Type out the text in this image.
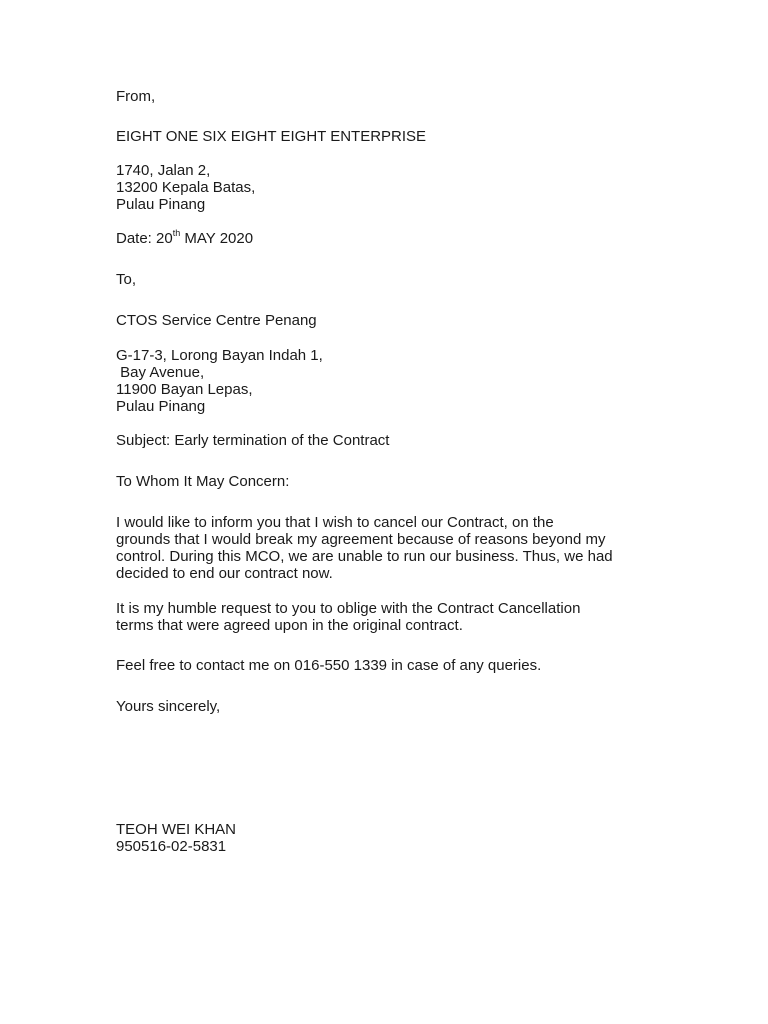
From,
EIGHT ONE SIX EIGHT EIGHT ENTERPRISE
1740, Jalan 2,
13200 Kepala Batas,
Pulau Pinang
Date: 20th MAY 2020
To,
CTOS Service Centre Penang
G-17-3, Lorong Bayan Indah 1,
Bay Avenue,
11900 Bayan Lepas,
Pulau Pinang
Subject: Early termination of the Contract
To Whom It May Concern:
I would like to inform you that I wish to cancel our Contract, on the
grounds that I would break my agreement because of reasons beyond my
control. During this MCO, we are unable to run our business. Thus, we had
decided to end our contract now.
It is my humble request to you to oblige with the Contract Cancellation
terms that were agreed upon in the original contract.
Feel free to contact me on 016-550 1339 in case of any queries.
Yours sincerely,
TEOH WEI KHAN
950516-02-5831
